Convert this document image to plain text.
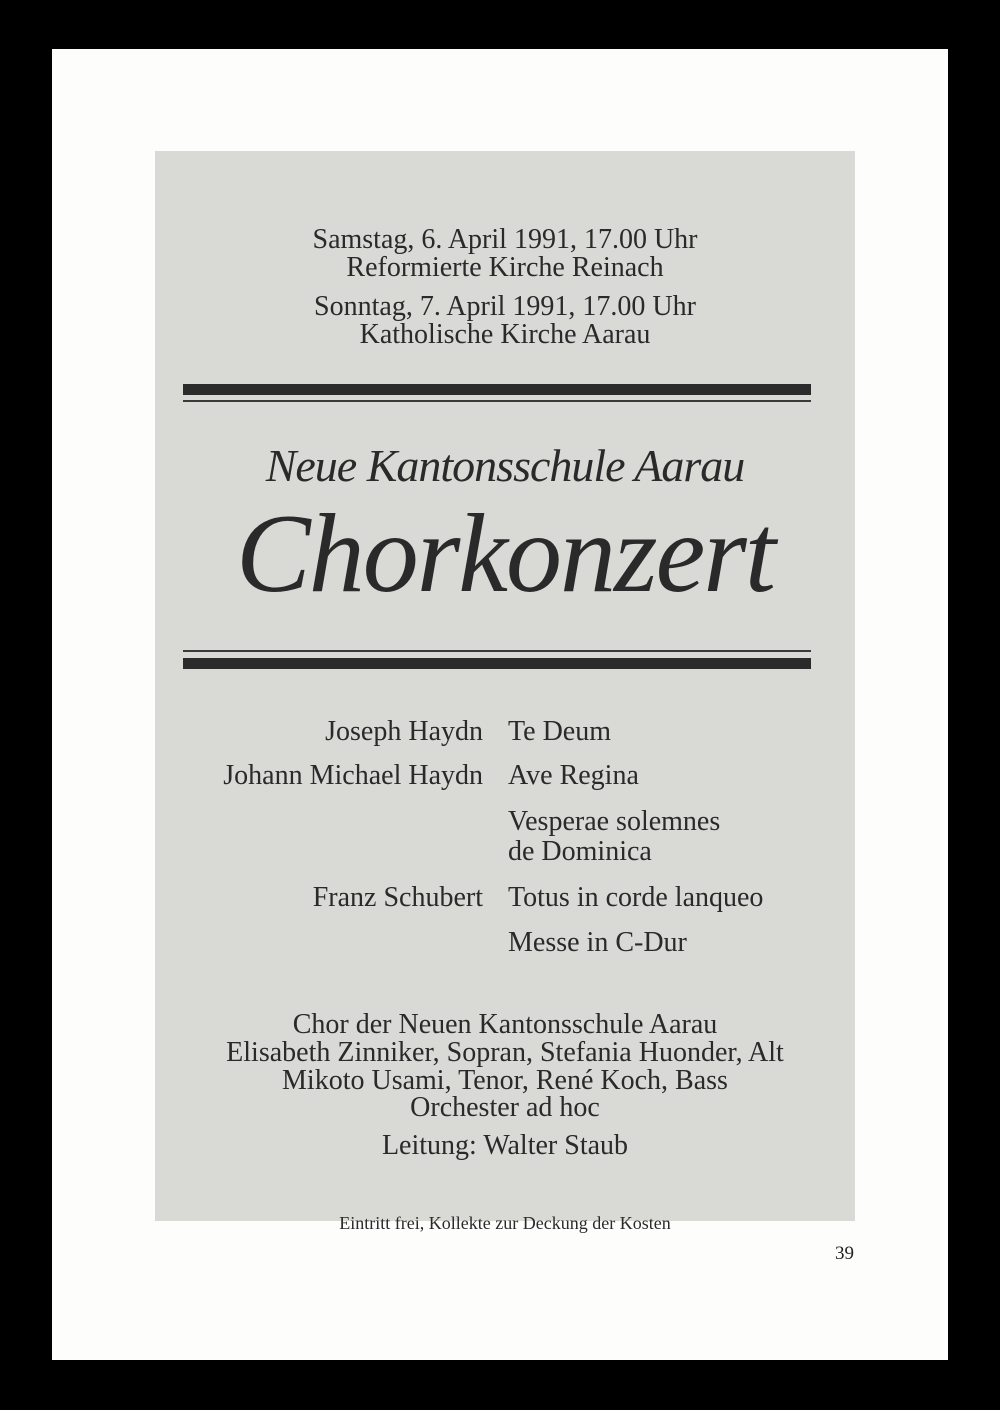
Samstag, 6. April 1991, 17.00 Uhr
Reformierte Kirche Reinach
Sonntag, 7. April 1991, 17.00 Uhr
Katholische Kirche Aarau
Neue Kantonsschule Aarau
Chorkonzert
Joseph Haydn Te Deum
Johann Michael Haydn Ave Regina
Vesperae solemnes
de Dominica
Franz Schubert Totus in corde lanqueo
Messe in C-Dur
Chor der Neuen Kantonsschule Aarau
Elisabeth Zinniker, Sopran, Stefania Huonder, Alt
Mikoto Usami, Tenor, René Koch, Bass
Orchester ad hoc
Leitung: Walter Staub
Eintritt frei, Kollekte zur Deckung der Kosten
39
